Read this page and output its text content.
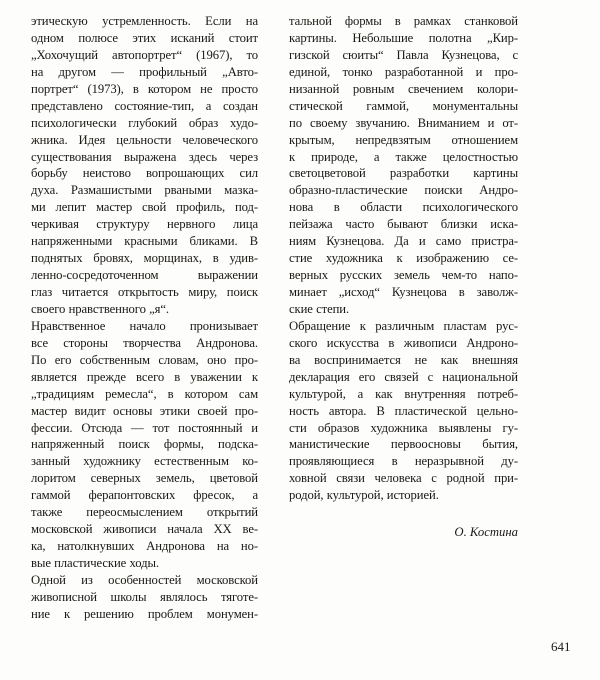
этическую устремленность. Если на
одном полюсе этих исканий стоит
„Хохочущий автопортрет“ (1967), то
на другом — профильный „Авто-
портрет“ (1973), в котором не просто
представлено состояние-тип, а создан
психологически глубокий образ худо-
жника. Идея цельности человеческого
существования выражена здесь через
борьбу неистово вопрошающих сил
духа. Размашистыми рваными мазка-
ми лепит мастер свой профиль, под-
черкивая структуру нервного лица
напряженными красными бликами. В
поднятых бровях, морщинах, в удив-
ленно-сосредоточенном выражении
глаз читается открытость миру, поиск
своего нравственного „я“.
Нравственное начало пронизывает
все стороны творчества Андронова.
По его собственным словам, оно про-
является прежде всего в уважении к
„традициям ремесла“, в котором сам
мастер видит основы этики своей про-
фессии. Отсюда — тот постоянный и
напряженный поиск формы, подска-
занный художнику естественным ко-
лоритом северных земель, цветовой
гаммой ферапонтовских фресок, а
также переосмыслением открытий
московской живописи начала XX ве-
ка, натолкнувших Андронова на но-
вые пластические ходы.
Одной из особенностей московской
живописной школы являлось тяготе-
ние к решению проблем монумен-
тальной формы в рамках станковой
картины. Небольшие полотна „Кир-
гизской сюиты“ Павла Кузнецова, с
единой, тонко разработанной и про-
низанной ровным свечением колори-
стической гаммой, монументальны
по своему звучанию. Вниманием и от-
крытым, непредвзятым отношением
к природе, а также целостностью
светоцветовой разработки картины
образно-пластические поиски Андро-
нова в области психологического
пейзажа часто бывают близки иска-
ниям Кузнецова. Да и само пристра-
стие художника к изображению се-
верных русских земель чем-то напо-
минает „исход“ Кузнецова в заволж-
ские степи.
Обращение к различным пластам рус-
ского искусства в живописи Андроно-
ва воспринимается не как внешняя
декларация его связей с национальной
культурой, а как внутренняя потреб-
ность автора. В пластической цельно-
сти образов художника выявлены гу-
манистические первоосновы бытия,
проявляющиеся в неразрывной ду-
ховной связи человека с родной при-
родой, культурой, историей.
О. Костина
641
